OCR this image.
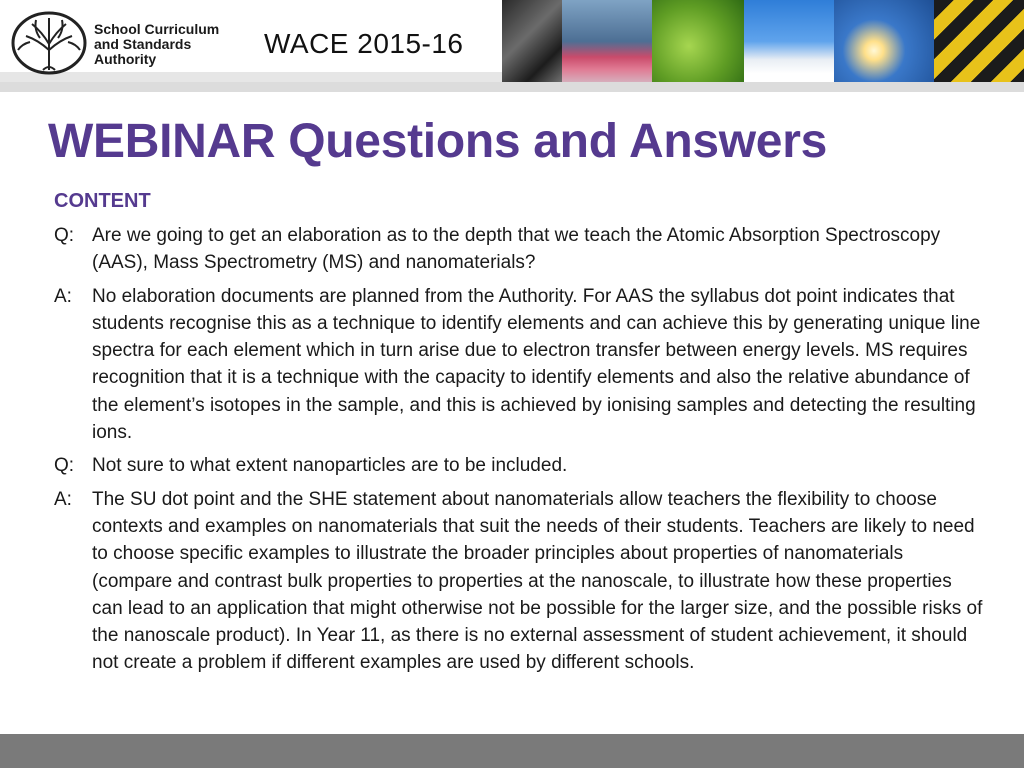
School Curriculum
and Standards
Authority	WACE 2015-16
WEBINAR Questions and Answers
CONTENT
Q: Are we going to get an elaboration as to the depth that we teach the Atomic Absorption Spectroscopy (AAS), Mass Spectrometry (MS) and nanomaterials?
A:	No elaboration documents are planned from the Authority. For AAS the syllabus dot point indicates that students recognise this as a technique to identify elements and can achieve this by generating unique line spectra for each element which in turn arise due to electron transfer between energy levels. MS requires recognition that it is a technique with the capacity to identify elements and also the relative abundance of the element’s isotopes in the sample, and this is achieved by ionising samples and detecting the resulting ions.
Q: Not sure to what extent nanoparticles are to be included.
A:	The SU dot point and the SHE statement about nanomaterials allow teachers the flexibility to choose contexts and examples on nanomaterials that suit the needs of their students. Teachers are likely to need to choose specific examples to illustrate the broader principles about properties of nanomaterials (compare and contrast bulk properties to properties at the nanoscale, to illustrate how these properties can lead to an application that might otherwise not be possible for the larger size, and the possible risks of the nanoscale product). In Year 11, as there is no external assessment of student achievement, it should not create a problem if different examples are used by different schools.
